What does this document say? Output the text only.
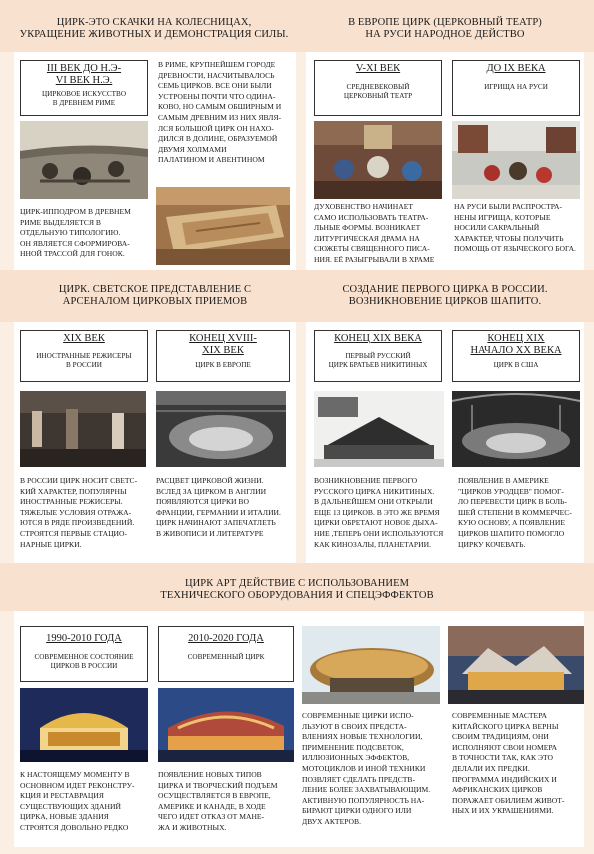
ЦИРК-ЭТО СКАЧКИ НА КОЛЕСНИЦАХ,
УКРАЩЕНИЕ ЖИВОТНЫХ И ДЕМОНСТРАЦИЯ СИЛЫ.
III ВЕК ДО Н.Э-
VI ВЕК Н.Э.
ЦИРКОВОЕ ИСКУССТВО
В ДРЕВНЕМ РИМЕ
В РИМЕ, КРУПНЕЙШЕМ ГОРОДЕ
ДРЕВНОСТИ, НАСЧИТЫВАЛОСЬ
СЕМЬ ЦИРКОВ. ВСЕ ОНИ БЫЛИ
УСТРОЕНЫ ПОЧТИ ЧТО ОДИНА-
КОВО, НО САМЫМ ОБШИРНЫМ И
САМЫМ ДРЕВНИМ ИЗ НИХ ЯВЛЯ-
ЛСЯ БОЛЬШОЙ ЦИРК ОН НАХО-
ДИЛСЯ В ДОЛИНЕ, ОБРАЗУЕМОЙ
ДВУМЯ ХОЛМАМИ
ПАЛАТИНОМ И АВЕНТИНОМ
ЦИРК-ИППОДРОМ В ДРЕВНЕМ
РИМЕ ВЫДЕЛЯЕТСЯ В
ОТДЕЛЬНУЮ ТИПОЛОГИЮ.
ОН ЯВЛЯЕТСЯ СФОРМИРОВА-
ННОЙ ТРАССОЙ ДЛЯ ГОНОК.
В ЕВРОПЕ ЦИРК (ЦЕРКОВНЫЙ ТЕАТР)
НА РУСИ НАРОДНОЕ ДЕЙСТВО
V-XI ВЕК
СРЕДНЕВЕКОВЫЙ
ЦЕРКОВНЫЙ ТЕАТР
ДО IX ВЕКА
ИГРИЩА НА РУСИ
ДУХОВЕНСТВО НАЧИНАЕТ
САМО ИСПОЛЬЗОВАТЬ ТЕАТРА-
ЛЬНЫЕ ФОРМЫ. ВОЗНИКАЕТ
ЛИТУРГИЧЕСКАЯ ДРАМА НА
СЮЖЕТЫ СВЯЩЕННОГО ПИСА-
НИЯ. ЕЁ РАЗЫГРЫВАЛИ В ХРАМЕ
НА РУСИ БЫЛИ РАСПРОСТРА-
НЕНЫ ИГРИЩА, КОТОРЫЕ
НОСИЛИ САКРАЛЬНЫЙ
ХАРАКТЕР, ЧТОБЫ ПОЛУЧИТЬ
ПОМОЩЬ ОТ ЯЗЫЧЕСКОГО БОГА.
ЦИРК. СВЕТСКОЕ ПРЕДСТАВЛЕНИЕ С
АРСЕНАЛОМ ЦИРКОВЫХ ПРИЕМОВ
XIX ВЕК
ИНОСТРАННЫЕ РЕЖИСЕРЫ
В РОССИИ
КОНЕЦ XVIII-
XIX ВЕК
ЦИРК В ЕВРОПЕ
В РОССИИ ЦИРК НОСИТ СВЕТС-
КИЙ ХАРАКТЕР, ПОПУЛЯРНЫ
ИНОСТРАННЫЕ РЕЖИСЕРЫ.
ТЯЖЕЛЫЕ УСЛОВИЯ ОТРАЖА-
ЮТСЯ В РЯДЕ ПРОИЗВЕДЕНИЙ.
СТРОЯТСЯ ПЕРВЫЕ СТАЦИО-
НАРНЫЕ ЦИРКИ.
РАСЦВЕТ ЦИРКОВОЙ ЖИЗНИ.
ВСЛЕД ЗА ЦИРКОМ В АНГЛИИ
ПОЯВЛЯЮТСЯ ЦИРКИ ВО
ФРАНЦИИ, ГЕРМАНИИ И ИТАЛИИ.
ЦИРК НАЧИНАЮТ ЗАПЕЧАТЛЕТЬ
В ЖИВОПИСИ И ЛИТЕРАТУРЕ
СОЗДАНИЕ ПЕРВОГО ЦИРКА В РОССИИ.
ВОЗНИКНОВЕНИЕ ЦИРКОВ ШАПИТО.
КОНЕЦ XIX ВЕКА
ПЕРВЫЙ РУССКИЙ
ЦИРК БРАТЬЕВ НИКИТИНЫХ
КОНЕЦ XIX
НАЧАЛО XX ВЕКА
ЦИРК В США
ВОЗНИКНОВЕНИЕ ПЕРВОГО
РУССКОГО ЦИРКА НИКИТИНЫХ.
В ДАЛЬНЕЙШЕМ ОНИ ОТКРЫЛИ
ЕЩЕ 13 ЦИРКОВ. В ЭТО ЖЕ ВРЕМЯ
ЦИРКИ ОБРЕТАЮТ НОВОЕ ДЫХА-
НИЕ ,ТЕПЕРЬ ОНИ ИСПОЛЬЗУЮТСЯ
КАК КИНОЗАЛЫ, ПЛАНЕТАРИИ.
ПОЯВЛЕНИЕ В АМЕРИКЕ
"ЦИРКОВ УРОДЦЕВ" ПОМОГ-
ЛО ПЕРЕВЕСТИ ЦИРК В БОЛЬ-
ШЕЙ СТЕПЕНИ В КОММЕРЧЕС-
КУЮ ОСНОВУ, А ПОЯВЛЕНИЕ
ЦИРКОВ ШАПИТО ПОМОГЛО
ЦИРКУ КОЧЕВАТЬ.
ЦИРК АРТ ДЕЙСТВИЕ С ИСПОЛЬЗОВАНИЕМ
ТЕХНИЧЕСКОГО ОБОРУДОВАНИЯ И СПЕЦЭФФЕКТОВ
1990-2010 ГОДА
СОВРЕМЕННОЕ СОСТОЯНИЕ
ЦИРКОВ В РОССИИ
2010-2020 ГОДА
СОВРЕМЕННЫЙ ЦИРК
СОВРЕМЕННЫЕ ЦИРКИ ИСПО-
ЛЬЗУЮТ В СВОИХ ПРЕДСТА-
ВЛЕНИЯХ НОВЫЕ ТЕХНОЛОГИИ,
ПРИМЕНЕНИЕ ПОДСВЕТОК,
ИЛЛЮЗИОННЫХ ЭФФЕКТОВ,
МОТОЦИКЛОВ И ИНОЙ ТЕХНИКИ
ПОЗВЛЯЕТ СДЕЛАТЬ ПРЕДСТВ-
ЛЕНИЕ БОЛЕЕ ЗАХВАТЫВАЮЩИМ.
АКТИВНУЮ ПОПУЛЯРНОСТЬ НА-
БИРАЮТ ЦИРКИ ОДНОГО ИЛИ
ДВУХ АКТЕРОВ.
СОВРЕМЕННЫЕ МАСТЕРА
КИТАЙСКОГО ЦИРКА ВЕРНЫ
СВОИМ ТРАДИЦИЯМ, ОНИ
ИСПОЛНЯЮТ СВОИ НОМЕРА
В ТОЧНОСТИ ТАК, КАК ЭТО
ДЕЛАЛИ ИХ ПРЕДКИ.
ПРОГРАММА ИНДИЙСКИХ И
АФРИКАНСКИХ ЦИРКОВ
ПОРАЖАЕТ ОБИЛИЕМ ЖИВОТ-
НЫХ И ИХ УКРАШЕНИЯМИ.
К НАСТОЯЩЕМУ МОМЕНТУ В
ОСНОВНОМ ИДЕТ РЕКОНСТРУ-
КЦИЯ И РЕСТАВРАЦИЯ
СУЩЕСТВУЮЩИХ ЗДАНИЙ
ЦИРКА, НОВЫЕ ЗДАНИЯ
СТРОЯТСЯ ДОВОЛЬНО РЕДКО
ПОЯВЛЕНИЕ НОВЫХ ТИПОВ
ЦИРКА И ТВОРЧЕСКИЙ ПОДЪЕМ
ОСУЩЕСТВЛЯЕТСЯ В ЕВРОПЕ,
АМЕРИКЕ И КАНАДЕ, В ХОДЕ
ЧЕГО ИДЕТ ОТКАЗ ОТ МАНЕ-
ЖА И ЖИВОТНЫХ.
